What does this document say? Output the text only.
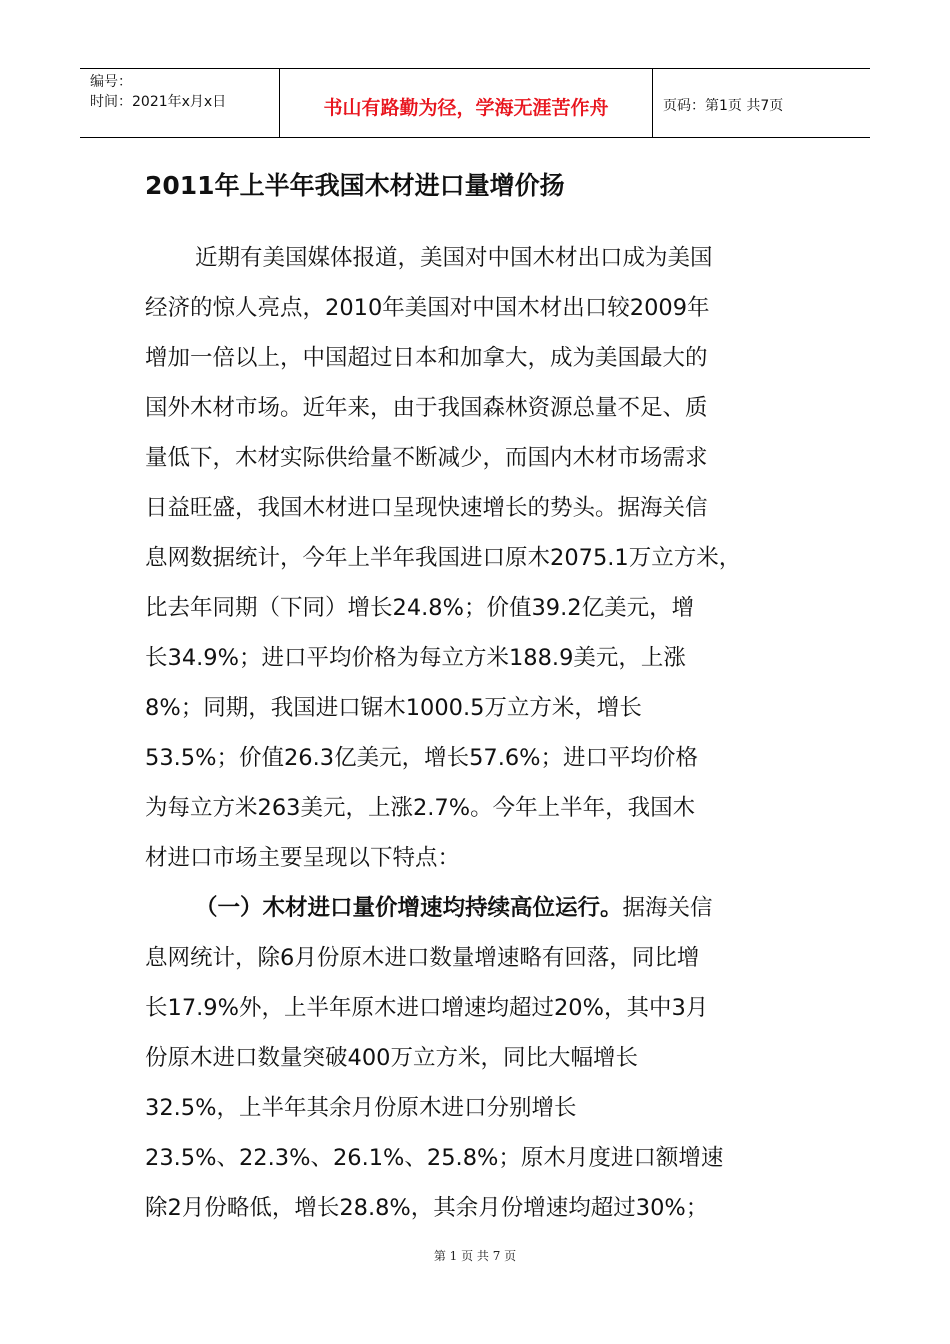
编号：
时间：2021年x月x日	书山有路勤为径，学海无涯苦作舟	页码：第1页 共7页
2011年上半年我国木材进口量增价扬
近期有美国媒体报道，美国对中国木材出口成为美国
经济的惊人亮点，2010年美国对中国木材出口较2009年
增加一倍以上，中国超过日本和加拿大，成为美国最大的
国外木材市场。近年来，由于我国森林资源总量不足、质
量低下，木材实际供给量不断减少，而国内木材市场需求
日益旺盛，我国木材进口呈现快速增长的势头。据海关信
息网数据统计，今年上半年我国进口原木2075.1万立方米，
比去年同期（下同）增长24.8%；价值39.2亿美元，增
长34.9%；进口平均价格为每立方米188.9美元，上涨
8%；同期，我国进口锯木1000.5万立方米，增长
53.5%；价值26.3亿美元，增长57.6%；进口平均价格
为每立方米263美元，上涨2.7%。今年上半年，我国木
材进口市场主要呈现以下特点：
（一）木材进口量价增速均持续高位运行。据海关信
息网统计，除6月份原木进口数量增速略有回落，同比增
长17.9%外，上半年原木进口增速均超过20%，其中3月
份原木进口数量突破400万立方米，同比大幅增长
32.5%，上半年其余月份原木进口分别增长
23.5%、22.3%、26.1%、25.8%；原木月度进口额增速
除2月份略低，增长28.8%，其余月份增速均超过30%；
第 1 页 共 7 页
